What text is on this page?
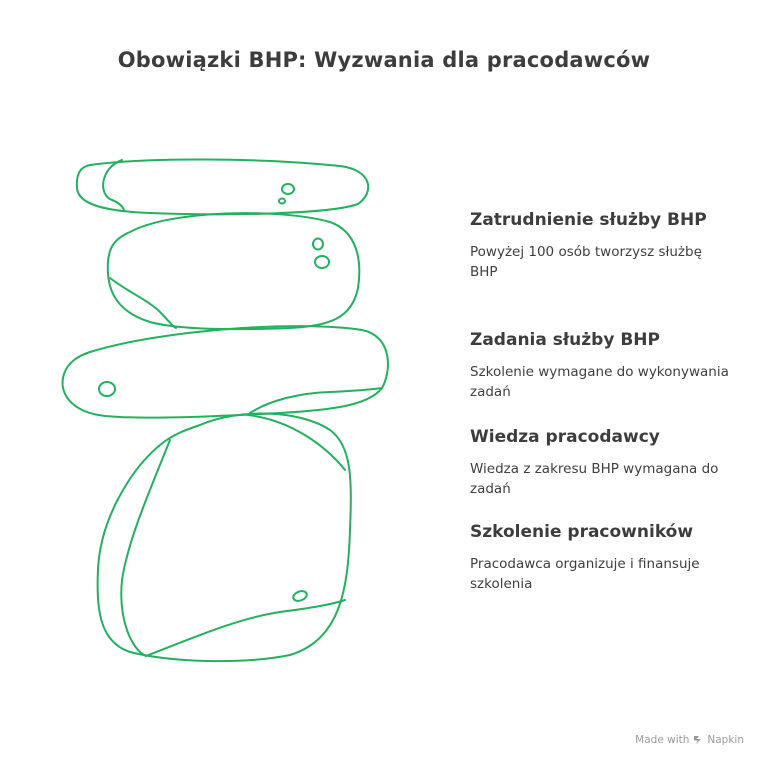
Obowiązki BHP: Wyzwania dla pracodawców
Zatrudnienie służby BHP
Powyżej 100 osób tworzysz służbę BHP
Zadania służby BHP
Szkolenie wymagane do wykonywania zadań
Wiedza pracodawcy
Wiedza z zakresu BHP wymagana do zadań
Szkolenie pracowników
Pracodawca organizuje i finansuje szkolenia
Made with Napkin
